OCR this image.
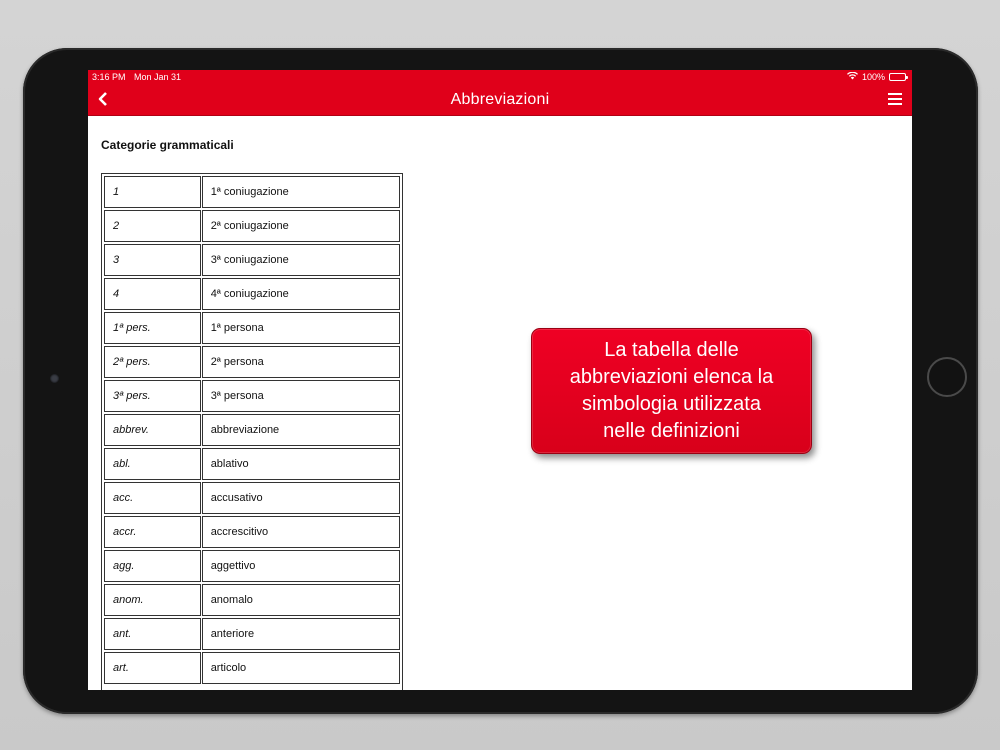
3:16 PM Mon Jan 31	100%
Abbreviazioni
Categorie grammaticali
1	1ª coniugazione
2	2ª coniugazione
3	3ª coniugazione
4	4ª coniugazione
1ª pers.	1ª persona
2ª pers.	2ª persona
3ª pers.	3ª persona
abbrev.	abbreviazione
abl.	ablativo
acc.	accusativo
accr.	accrescitivo
agg.	aggettivo
anom.	anomalo
ant.	anteriore
art.	articolo
La tabella delle
abbreviazioni elenca la
simbologia utilizzata
nelle definizioni
